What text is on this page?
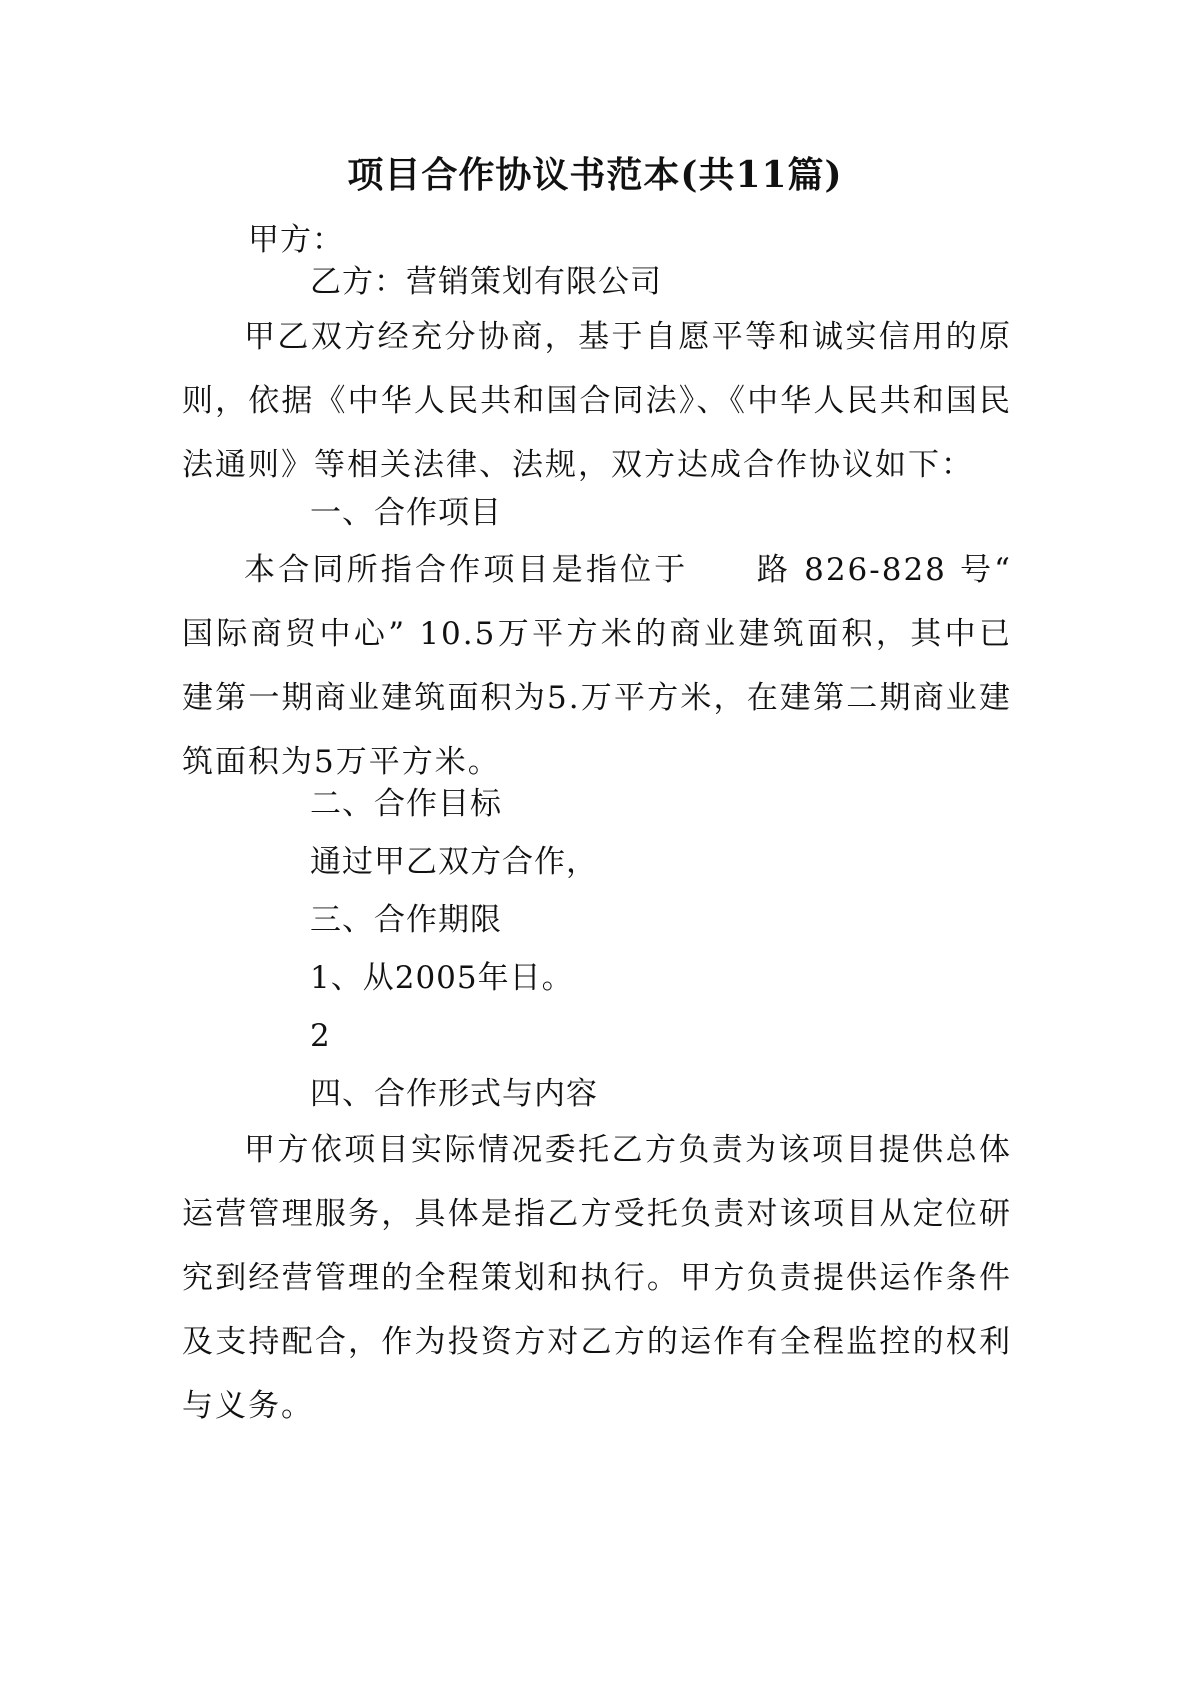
项目合作协议书范本(共11篇)
甲方：
乙方：营销策划有限公司
甲乙双方经充分协商，基于自愿平等和诚实信用的原则，依据《中华人民共和国合同法》、《中华人民共和国民法通则》等相关法律、法规，双方达成合作协议如下：
一、合作项目
本合同所指合作项目是指位于　　路 826-828 号“ 国际商贸中心” 10.5万平方米的商业建筑面积，其中已建第一期商业建筑面积为5.万平方米，在建第二期商业建筑面积为5万平方米。
二、合作目标
通过甲乙双方合作，
三、合作期限
1、从2005年日。
2
四、合作形式与内容
甲方依项目实际情况委托乙方负责为该项目提供总体运营管理服务，具体是指乙方受托负责对该项目从定位研究到经营管理的全程策划和执行。甲方负责提供运作条件及支持配合，作为投资方对乙方的运作有全程监控的权利与义务。
